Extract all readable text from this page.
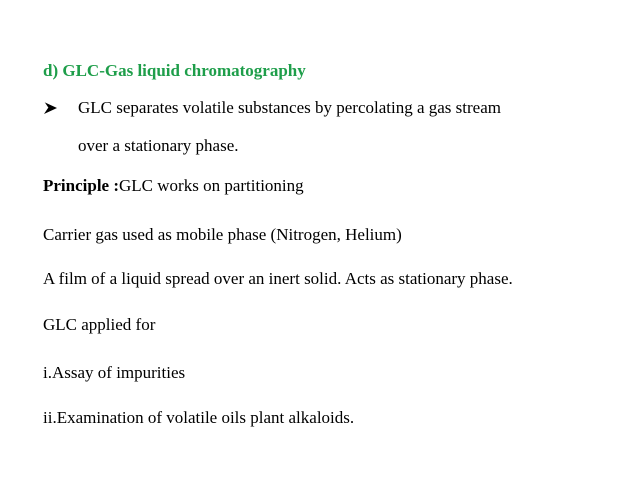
d) GLC-Gas liquid chromatography
GLC separates volatile substances by percolating a gas stream
over a stationary phase.
Principle :GLC works on partitioning
Carrier gas used as mobile phase (Nitrogen, Helium)
A film of a liquid spread over an inert solid. Acts as stationary phase.
GLC applied for
i.Assay of impurities
ii.Examination of volatile oils plant alkaloids.
